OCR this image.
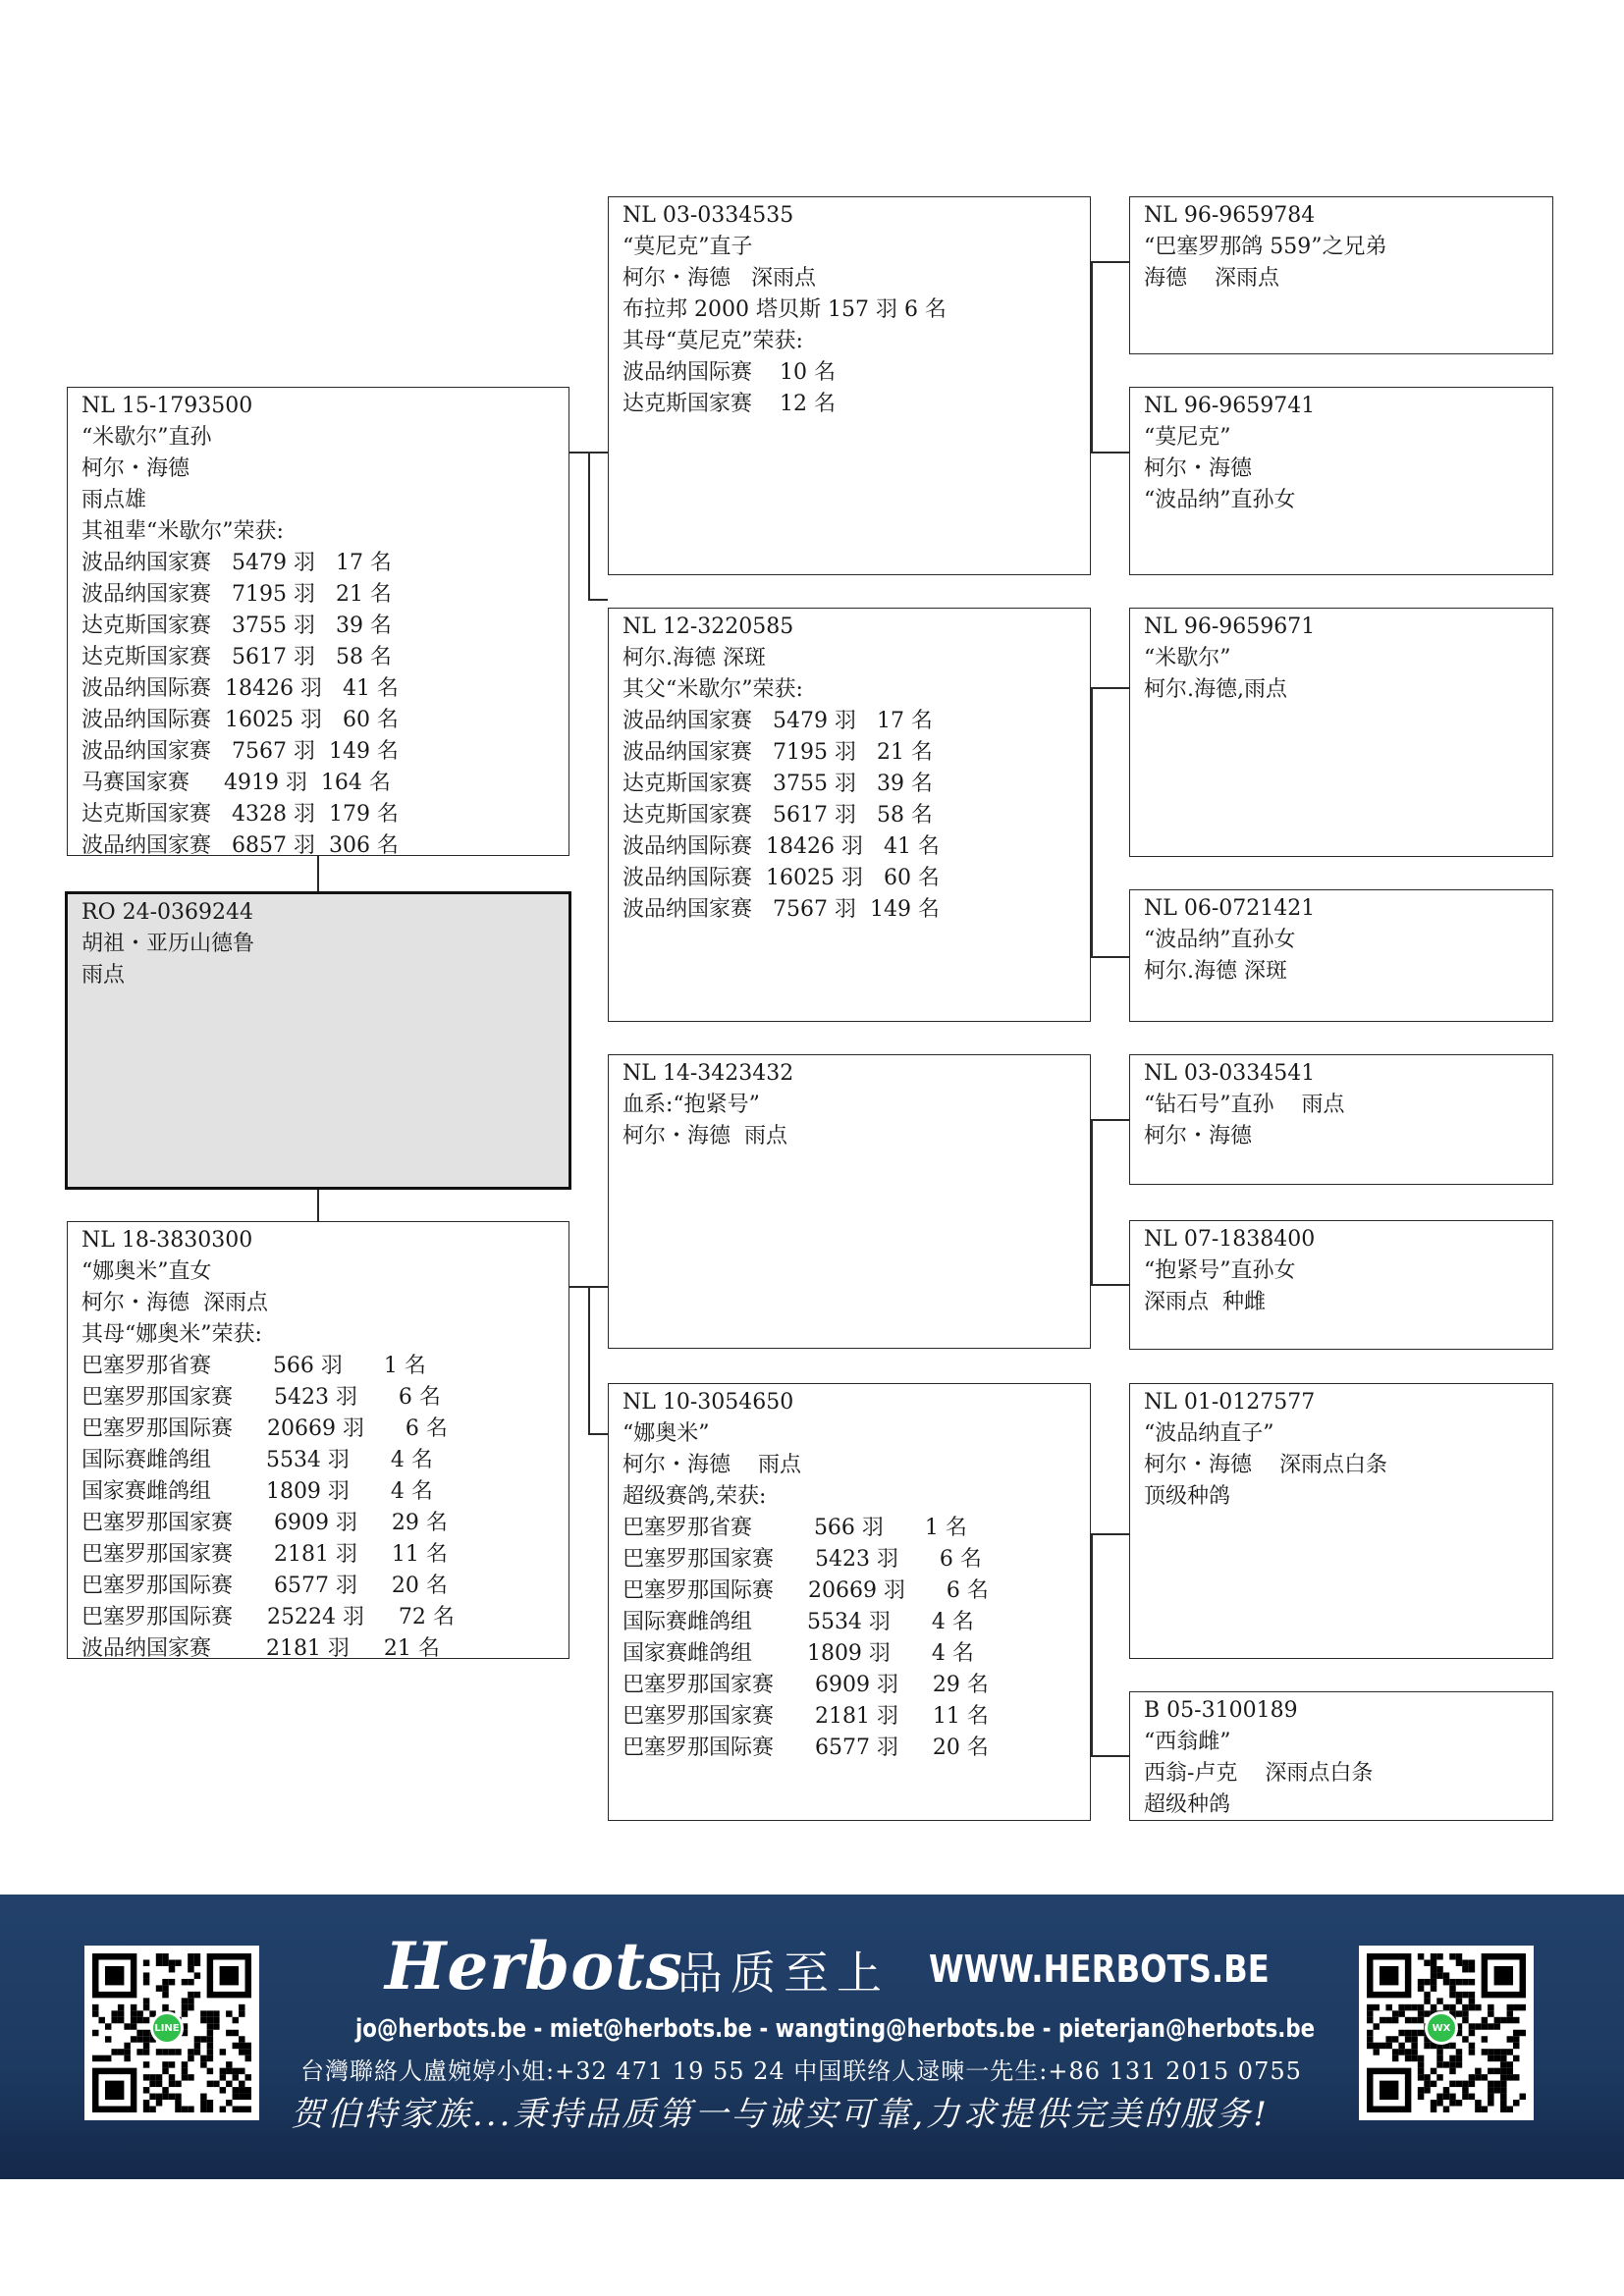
RO 24-0369244
胡祖・亚历山德鲁
雨点
NL 15-1793500
“米歇尔”直孙
柯尔・海德
雨点雄
其祖辈“米歇尔”荣获:
波品纳国家赛   5479 羽   17 名
波品纳国家赛   7195 羽   21 名
达克斯国家赛   3755 羽   39 名
达克斯国家赛   5617 羽   58 名
波品纳国际赛  18426 羽   41 名
波品纳国际赛  16025 羽   60 名
波品纳国家赛   7567 羽  149 名
马赛国家赛     4919 羽  164 名
达克斯国家赛   4328 羽  179 名
波品纳国家赛   6857 羽  306 名
NL 18-3830300
“娜奥米”直女
柯尔・海德  深雨点
其母“娜奥米”荣获:
巴塞罗那省赛         566 羽      1 名
巴塞罗那国家赛      5423 羽      6 名
巴塞罗那国际赛     20669 羽      6 名
国际赛雌鸽组        5534 羽      4 名
国家赛雌鸽组        1809 羽      4 名
巴塞罗那国家赛      6909 羽     29 名
巴塞罗那国家赛      2181 羽     11 名
巴塞罗那国际赛      6577 羽     20 名
巴塞罗那国际赛     25224 羽     72 名
波品纳国家赛        2181 羽     21 名
NL 03-0334535
“莫尼克”直子
柯尔・海德   深雨点
布拉邦 2000 塔贝斯 157 羽 6 名
其母“莫尼克”荣获:
波品纳国际赛    10 名
达克斯国家赛    12 名
NL 12-3220585
柯尔.海德 深斑
其父“米歇尔”荣获:
波品纳国家赛   5479 羽   17 名
波品纳国家赛   7195 羽   21 名
达克斯国家赛   3755 羽   39 名
达克斯国家赛   5617 羽   58 名
波品纳国际赛  18426 羽   41 名
波品纳国际赛  16025 羽   60 名
波品纳国家赛   7567 羽  149 名
NL 14-3423432
血系:“抱紧号”
柯尔・海德  雨点
NL 10-3054650
“娜奥米”
柯尔・海德    雨点
超级赛鸽,荣获:
巴塞罗那省赛         566 羽      1 名
巴塞罗那国家赛      5423 羽      6 名
巴塞罗那国际赛     20669 羽      6 名
国际赛雌鸽组        5534 羽      4 名
国家赛雌鸽组        1809 羽      4 名
巴塞罗那国家赛      6909 羽     29 名
巴塞罗那国家赛      2181 羽     11 名
巴塞罗那国际赛      6577 羽     20 名
NL 96-9659784
“巴塞罗那鸽 559”之兄弟
海德    深雨点
NL 96-9659741
“莫尼克”
柯尔・海德
“波品纳”直孙女
NL 96-9659671
“米歇尔”
柯尔.海德,雨点
NL 06-0721421
“波品纳”直孙女
柯尔.海德 深斑
NL 03-0334541
“钻石号”直孙    雨点
柯尔・海德
NL 07-1838400
“抱紧号”直孙女
深雨点  种雌
NL 01-0127577
“波品纳直子”
柯尔・海德    深雨点白条
顶级种鸽
B 05-3100189
“西翁雌”
西翁-卢克    深雨点白条
超级种鸽
LINE
Herbots
品质至上 WWW.HERBOTS.BE
jo@herbots.be - miet@herbots.be - wangting@herbots.be - pieterjan@herbots.be
台灣聯絡人盧婉婷小姐:+32 471 19 55 24 中国联络人逯暕一先生:+86 131 2015 0755
贺伯特家族...秉持品质第一与诚实可靠,力求提供完美的服务!
WX
